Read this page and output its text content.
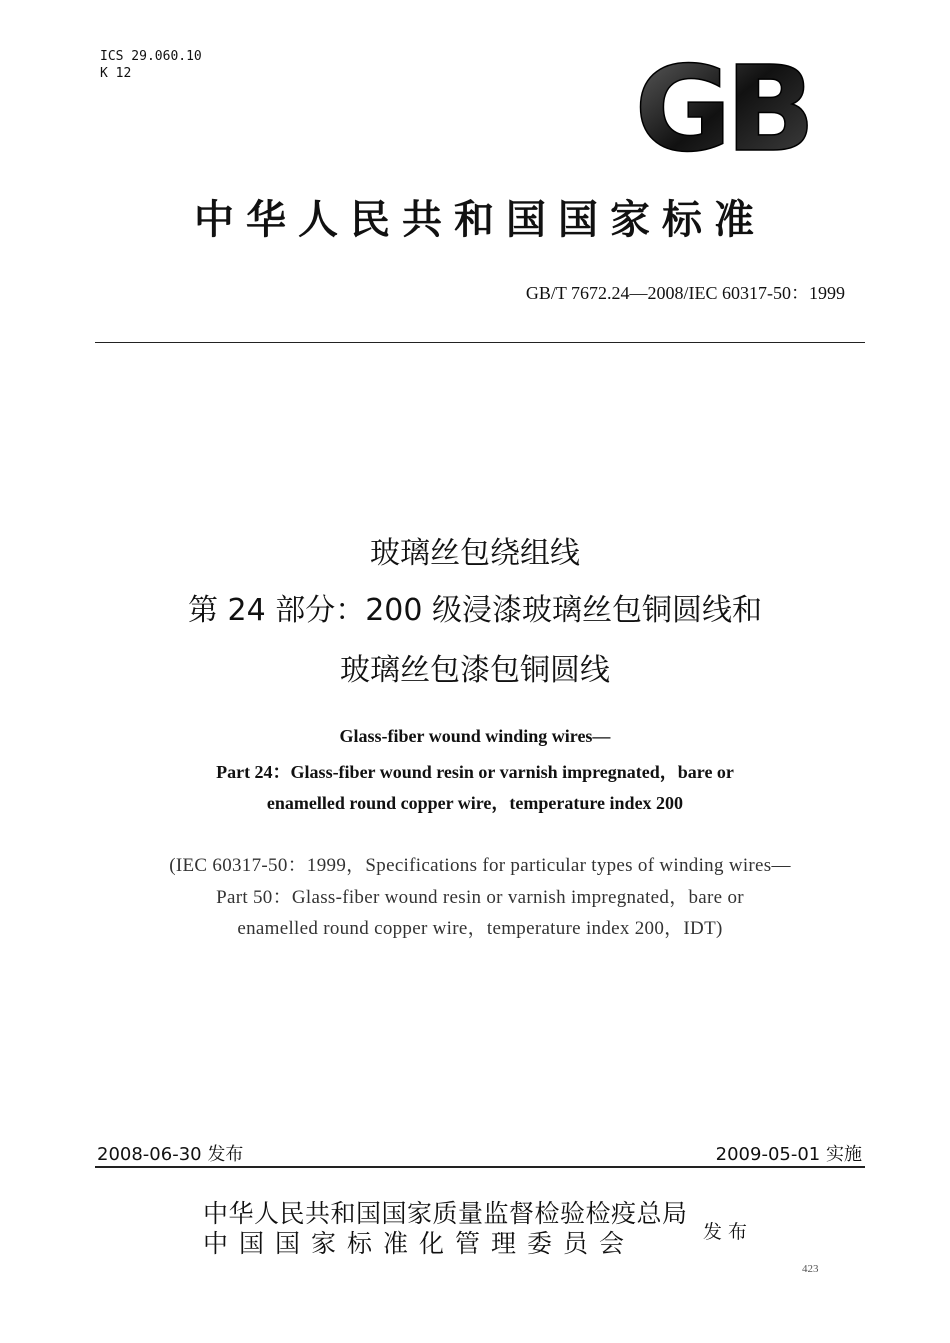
ICS 29.060.10
K 12	GB
中华人民共和国国家标准
GB/T 7672.24—2008/IEC 60317-50：1999
玻璃丝包绕组线
第 24 部分：200 级浸漆玻璃丝包铜圆线和
玻璃丝包漆包铜圆线
Glass-fiber wound winding wires—
Part 24：Glass-fiber wound resin or varnish impregnated，bare or
enamelled round copper wire，temperature index 200
(IEC 60317-50：1999，Specifications for particular types of winding wires—
Part 50：Glass-fiber wound resin or varnish impregnated，bare or
enamelled round copper wire，temperature index 200，IDT)
2008-06-30 发布	2009-05-01 实施
中华人民共和国国家质量监督检验检疫总局
中国国家标准化管理委员会	发布
423
